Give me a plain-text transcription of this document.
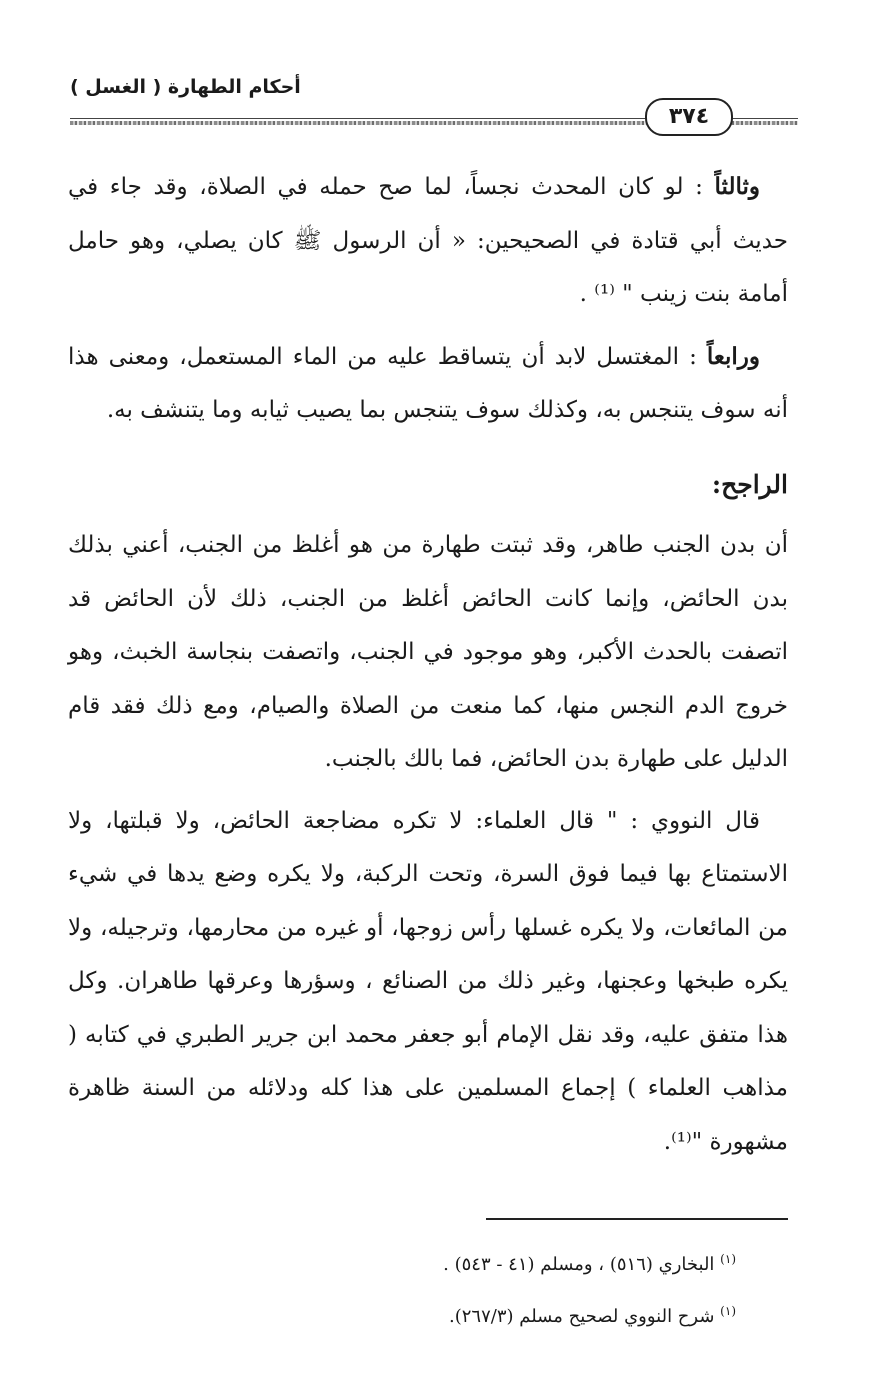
أحكام الطهارة ( الغسل )
٣٧٤

وثالثاً : لو كان المحدث نجساً، لما صح حمله في الصلاة، وقد جاء في حديث أبي قتادة في الصحيحين: « أن الرسول ﷺ كان يصلي، وهو حامل أمامة بنت زينب " ⁽¹⁾ .

ورابعاً : المغتسل لابد أن يتساقط عليه من الماء المستعمل، ومعنى هذا أنه سوف يتنجس به، وكذلك سوف يتنجس بما يصيب ثيابه وما يتنشف به.

الراجح:

أن بدن الجنب طاهر، وقد ثبتت طهارة من هو أغلظ من الجنب، أعني بذلك بدن الحائض، وإنما كانت الحائض أغلظ من الجنب، ذلك لأن الحائض قد اتصفت بالحدث الأكبر، وهو موجود في الجنب، واتصفت بنجاسة الخبث، وهو خروج الدم النجس منها، كما منعت من الصلاة والصيام، ومع ذلك فقد قام الدليل على طهارة بدن الحائض، فما بالك بالجنب.

قال النووي : " قال العلماء: لا تكره مضاجعة الحائض، ولا قبلتها، ولا الاستمتاع بها فيما فوق السرة، وتحت الركبة، ولا يكره وضع يدها في شيء من المائعات، ولا يكره غسلها رأس زوجها، أو غيره من محارمها، وترجيله، ولا يكره طبخها وعجنها، وغير ذلك من الصنائع ، وسؤرها وعرقها طاهران. وكل هذا متفق عليه، وقد نقل الإمام أبو جعفر محمد ابن جرير الطبري في كتابه ( مذاهب العلماء ) إجماع المسلمين على هذا كله ودلائله من السنة ظاهرة مشهورة "⁽¹⁾.

$^{(١)}$ البخاري (٥١٦) ، ومسلم (٤١ - ٥٤٣) .

$^{(١)}$ شرح النووي لصحيح مسلم (٢٦٧/٣).
